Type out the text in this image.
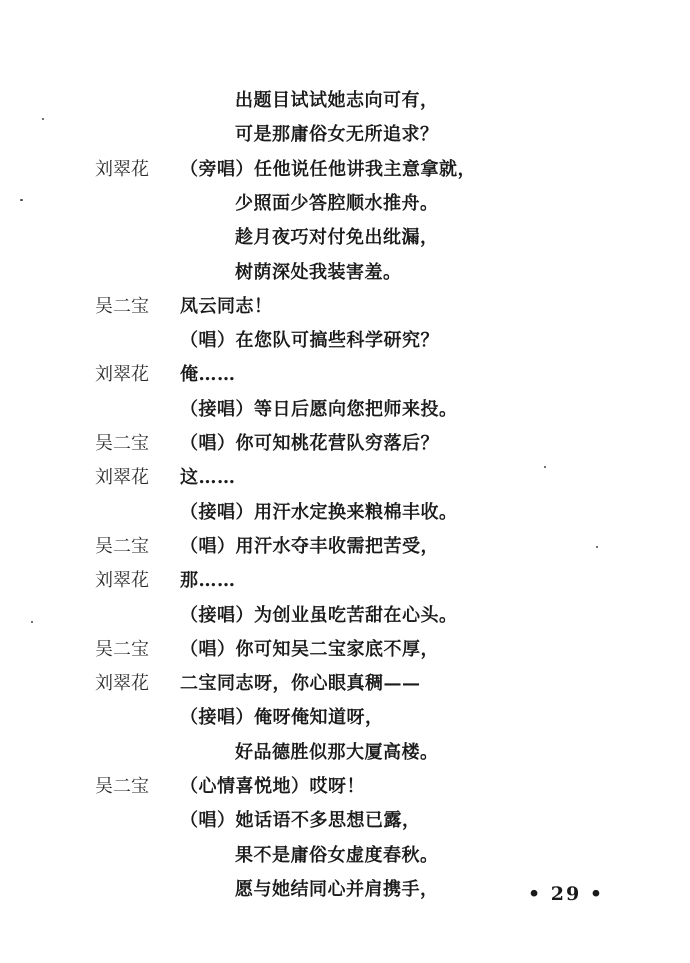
出题目试试她志向可有，
可是那庸俗女无所追求？
刘翠花 （旁唱）任他说任他讲我主意拿就，
少照面少答腔顺水推舟。
趁月夜巧对付免出纰漏，
树荫深处我装害羞。
吴二宝 凤云同志！
（唱）在您队可搞些科学研究？
刘翠花 俺……
（接唱）等日后愿向您把师来投。
吴二宝 （唱）你可知桃花营队穷落后？
刘翠花 这……
（接唱）用汗水定换来粮棉丰收。
吴二宝 （唱）用汗水夺丰收需把苦受，
刘翠花 那……
（接唱）为创业虽吃苦甜在心头。
吴二宝 （唱）你可知吴二宝家底不厚，
刘翠花 二宝同志呀，你心眼真稠——
（接唱）俺呀俺知道呀，
好品德胜似那大厦高楼。
吴二宝 （心情喜悦地）哎呀！
（唱）她话语不多思想已露，
果不是庸俗女虚度春秋。
愿与她结同心并肩携手，	• 29 •
